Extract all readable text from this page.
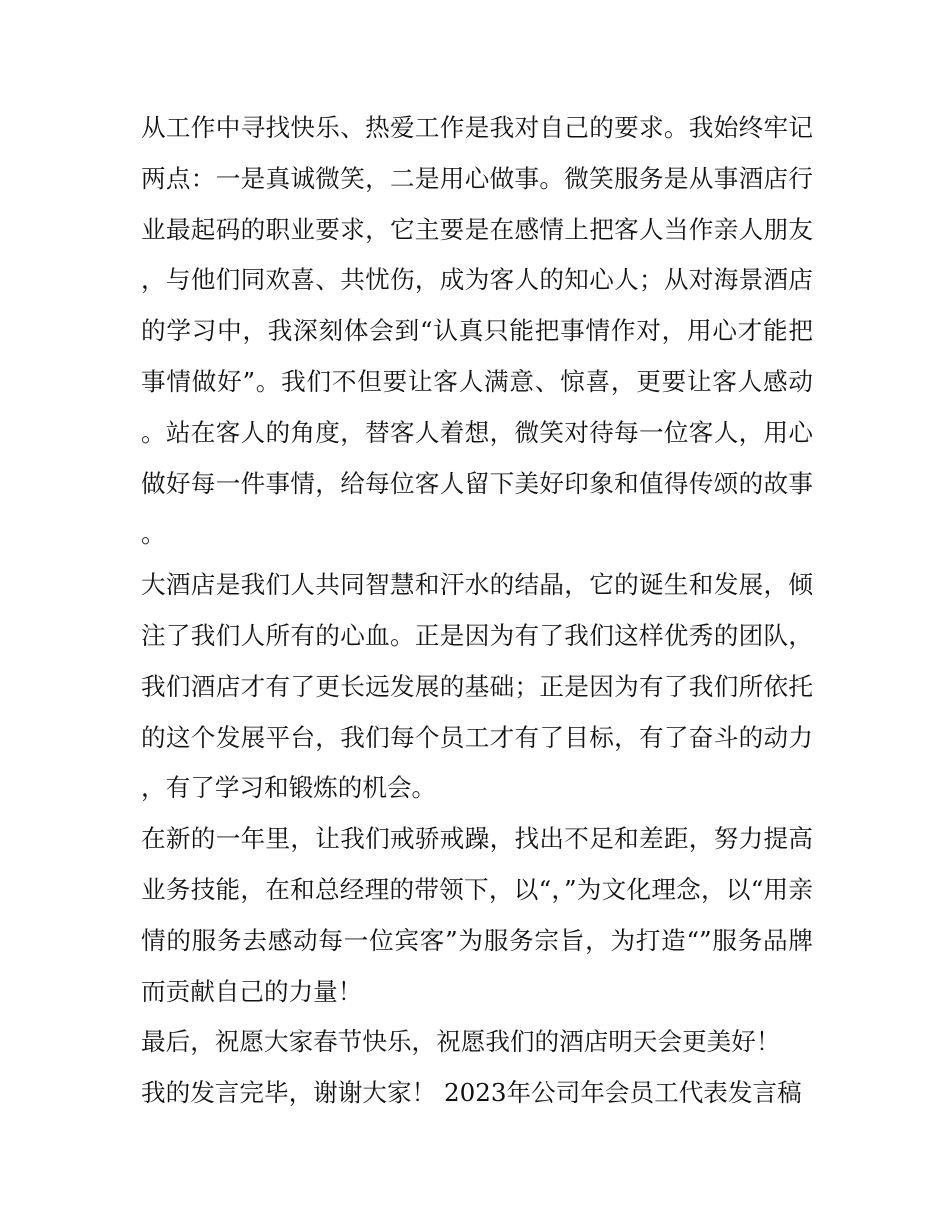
从工作中寻找快乐、热爱工作是我对自己的要求。我始终牢记两点：一是真诚微笑，二是用心做事。微笑服务是从事酒店行业最起码的职业要求，它主要是在感情上把客人当作亲人朋友，与他们同欢喜、共忧伤，成为客人的知心人；从对海景酒店的学习中，我深刻体会到“认真只能把事情作对，用心才能把事情做好”。我们不但要让客人满意、惊喜，更要让客人感动。站在客人的角度，替客人着想，微笑对待每一位客人，用心做好每一件事情，给每位客人留下美好印象和值得传颂的故事。

大酒店是我们人共同智慧和汗水的结晶，它的诞生和发展，倾注了我们人所有的心血。正是因为有了我们这样优秀的团队，我们酒店才有了更长远发展的基础；正是因为有了我们所依托的这个发展平台，我们每个员工才有了目标，有了奋斗的动力，有了学习和锻炼的机会。

在新的一年里，让我们戒骄戒躁，找出不足和差距，努力提高业务技能，在和总经理的带领下，以“，”为文化理念，以“用亲情的服务去感动每一位宾客”为服务宗旨，为打造“”服务品牌而贡献自己的力量！

最后，祝愿大家春节快乐，祝愿我们的酒店明天会更美好！

我的发言完毕，谢谢大家！ 2023年公司年会员工代表发言稿
